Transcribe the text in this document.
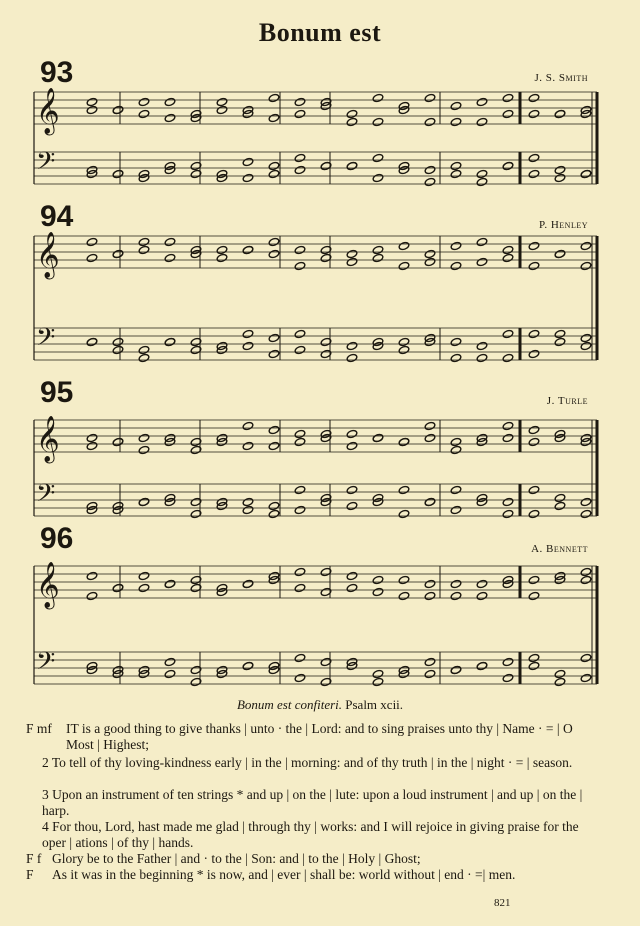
Bonum est
93	J. S. Smith
94	P. Henley
95	J. Turle
96	A. Bennett
𝄞
𝄢
𝄞
𝄢
𝄞
𝄢
𝄞
𝄢
Bonum est confiteri. Psalm xcii.
F mf	IT is a good thing to give thanks | unto · the | Lord: and to sing praises unto thy | Name · = | O Most | Highest;
2 To tell of thy loving-kindness early | in the | morning: and of thy truth | in the | night · = | season.
3 Upon an instrument of ten strings * and up | on the | lute: upon a loud instrument | and up | on the | harp.
4 For thou, Lord, hast made me glad | through thy | works: and I will rejoice in giving praise for the oper | ations | of thy | hands.
F f Glory be to the Father | and · to the | Son: and | to the | Holy | Ghost;
F	As it was in the beginning * is now, and | ever | shall be: world without | end · =| men.
821
